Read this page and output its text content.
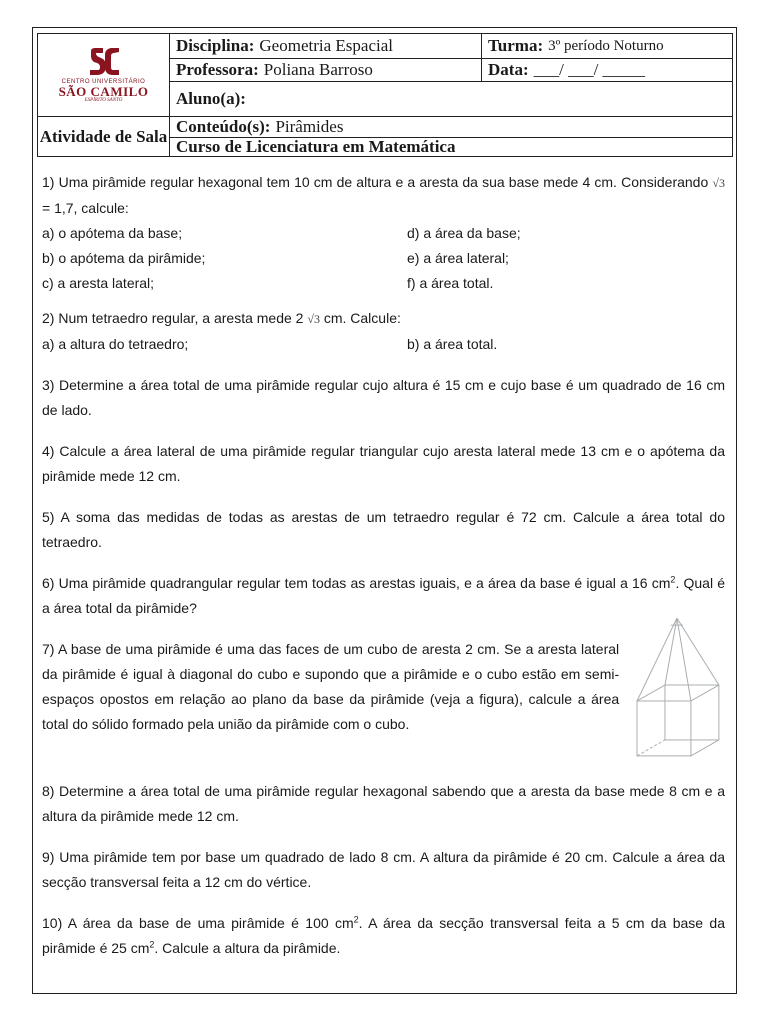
CENTRO UNIVERSITÁRIO
SÃO CAMILO
ESPÍRITO SANTO
Atividade de Sala
Disciplina: Geometria Espacial	Turma: 3º período Noturno
Professora: Poliana Barroso	Data: ___/ ___/ _____
Aluno(a):
Conteúdo(s): Pirâmides
Curso de Licenciatura em Matemática
1) Uma pirâmide regular hexagonal tem 10 cm de altura e a aresta da sua base mede 4 cm. Considerando √3 = 1,7, calcule:
a) o apótema da base;	d) a área da base;
b) o apótema da pirâmide;	e) a área lateral;
c) a aresta lateral;	f) a área total.
2) Num tetraedro regular, a aresta mede 2 √3 cm. Calcule:
a) a altura do tetraedro;	b) a área total.
3) Determine a área total de uma pirâmide regular cujo altura é 15 cm e cujo base é um quadrado de 16 cm de lado.
4) Calcule a área lateral de uma pirâmide regular triangular cujo aresta lateral mede 13 cm e o apótema da pirâmide mede 12 cm.
5) A soma das medidas de todas as arestas de um tetraedro regular é 72 cm. Calcule a área total do tetraedro.
6) Uma pirâmide quadrangular regular tem todas as arestas iguais, e a área da base é igual a 16 $cm^2$. Qual é a área total da pirâmide?
7) A base de uma pirâmide é uma das faces de um cubo de aresta 2 cm. Se a aresta lateral da pirâmide é igual à diagonal do cubo e supondo que a pirâmide e o cubo estão em semi-espaços opostos em relação ao plano da base da pirâmide (veja a figura), calcule a área total do sólido formado pela união da pirâmide com o cubo.
8) Determine a área total de uma pirâmide regular hexagonal sabendo que a aresta da base mede 8 cm e a altura da pirâmide mede 12 cm.
9) Uma pirâmide tem por base um quadrado de lado 8 cm. A altura da pirâmide é 20 cm. Calcule a área da secção transversal feita a 12 cm do vértice.
10) A área da base de uma pirâmide é 100 $cm^2$. A área da secção transversal feita a 5 cm da base da pirâmide é 25 $cm^2$. Calcule a altura da pirâmide.
